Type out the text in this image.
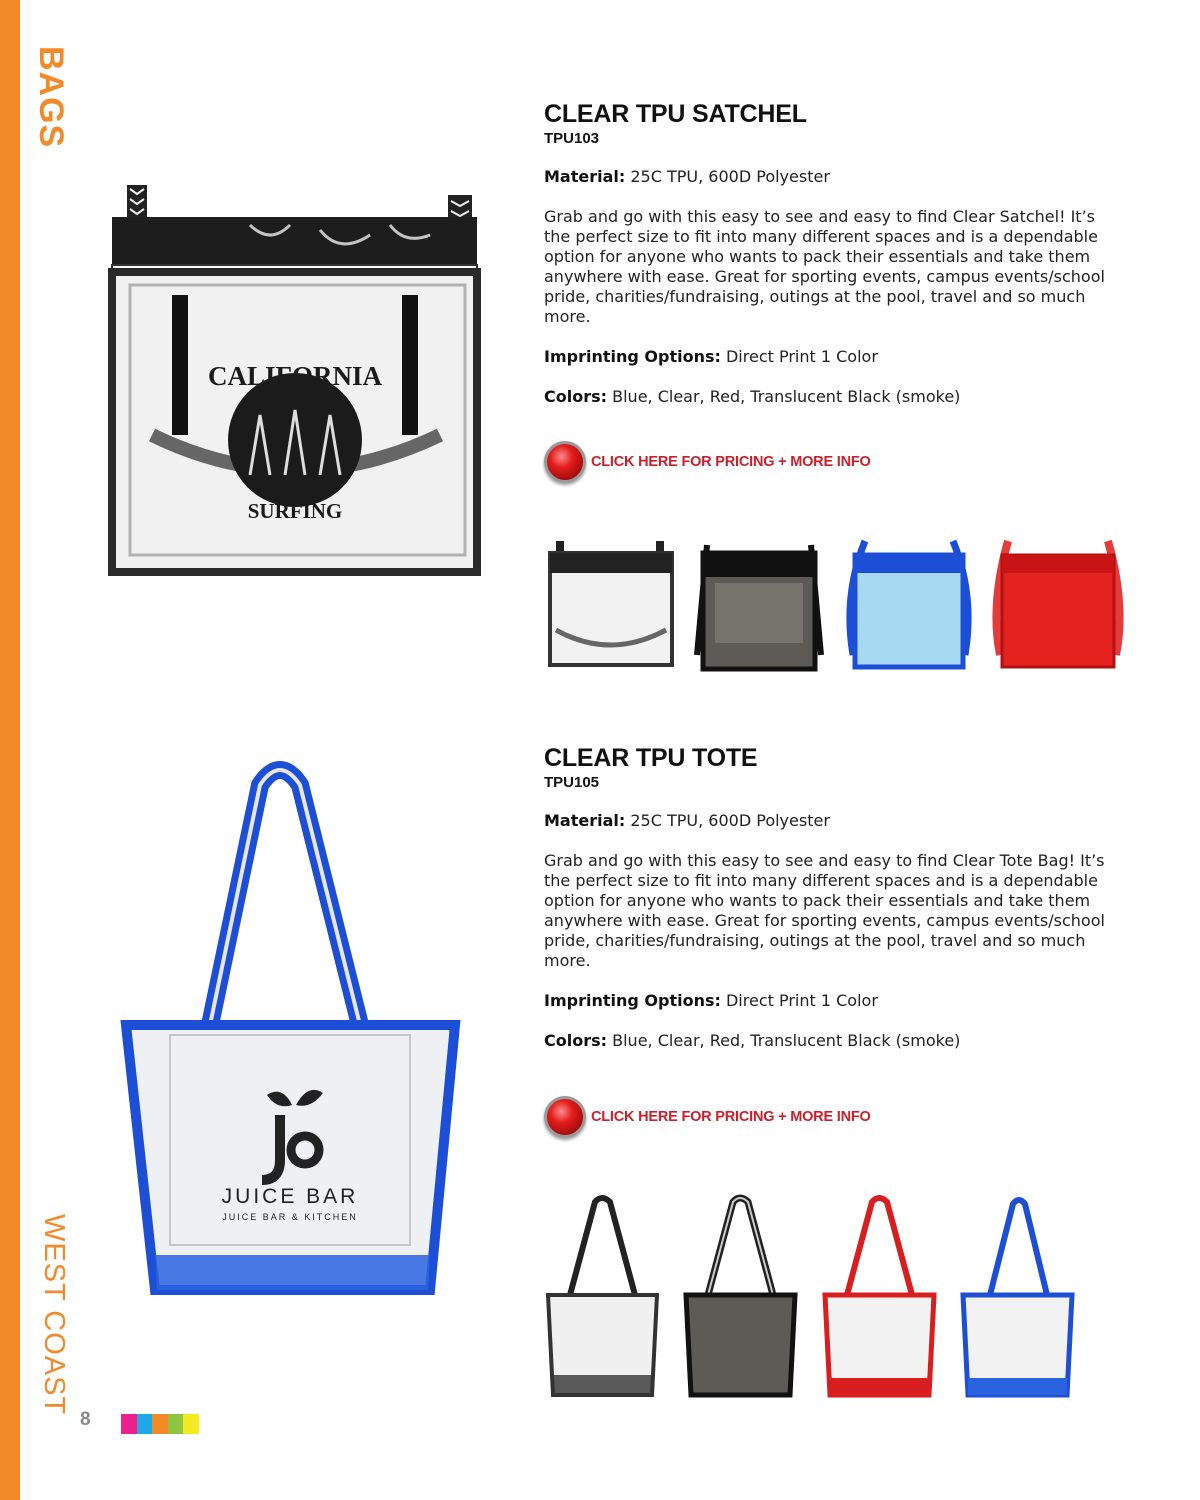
BAGS
WEST COAST
CALIFORNIA
SURFING
CLEAR TPU SATCHEL
TPU103
Material: 25C TPU, 600D Polyester
Grab and go with this easy to see and easy to find Clear Satchel! It’s the perfect size to fit into many different spaces and is a dependable option for anyone who wants to pack their essentials and take them anywhere with ease. Great for sporting events, campus events/school pride, charities/fundraising, outings at the pool, travel and so much more.
Imprinting Options: Direct Print 1 Color
Colors: Blue, Clear, Red, Translucent Black (smoke)
CLICK HERE FOR PRICING + MORE INFO
JUICE BAR
JUICE BAR & KITCHEN
CLEAR TPU TOTE
TPU105
Material: 25C TPU, 600D Polyester
Grab and go with this easy to see and easy to find Clear Tote Bag! It’s the perfect size to fit into many different spaces and is a dependable option for anyone who wants to pack their essentials and take them anywhere with ease. Great for sporting events, campus events/school pride, charities/fundraising, outings at the pool, travel and so much more.
Imprinting Options: Direct Print 1 Color
Colors: Blue, Clear, Red, Translucent Black (smoke)
CLICK HERE FOR PRICING + MORE INFO
8
